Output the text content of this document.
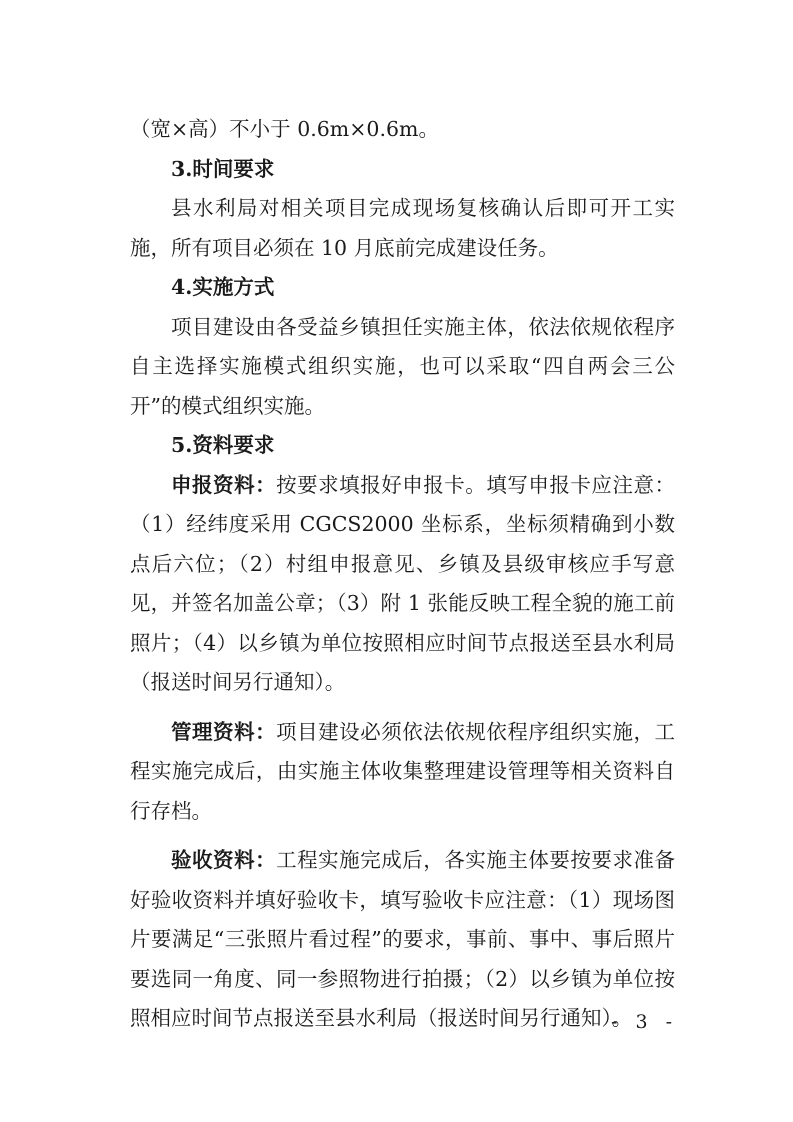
（宽×高）不小于 0.6m×0.6m。

3.时间要求

县水利局对相关项目完成现场复核确认后即可开工实施，所有项目必须在 10 月底前完成建设任务。

4.实施方式

项目建设由各受益乡镇担任实施主体，依法依规依程序自主选择实施模式组织实施，也可以采取“四自两会三公开”的模式组织实施。

5.资料要求

申报资料：按要求填报好申报卡。填写申报卡应注意：（1）经纬度采用 CGCS2000 坐标系，坐标须精确到小数点后六位；（2）村组申报意见、乡镇及县级审核应手写意见，并签名加盖公章；（3）附 1 张能反映工程全貌的施工前照片；（4）以乡镇为单位按照相应时间节点报送至县水利局（报送时间另行通知）。

管理资料：项目建设必须依法依规依程序组织实施，工程实施完成后，由实施主体收集整理建设管理等相关资料自行存档。

验收资料：工程实施完成后，各实施主体要按要求准备好验收资料并填好验收卡，填写验收卡应注意：（1）现场图片要满足“三张照片看过程”的要求，事前、事中、事后照片要选同一角度、同一参照物进行拍摄；（2）以乡镇为单位按照相应时间节点报送至县水利局（报送时间另行通知）。

- 3 -
